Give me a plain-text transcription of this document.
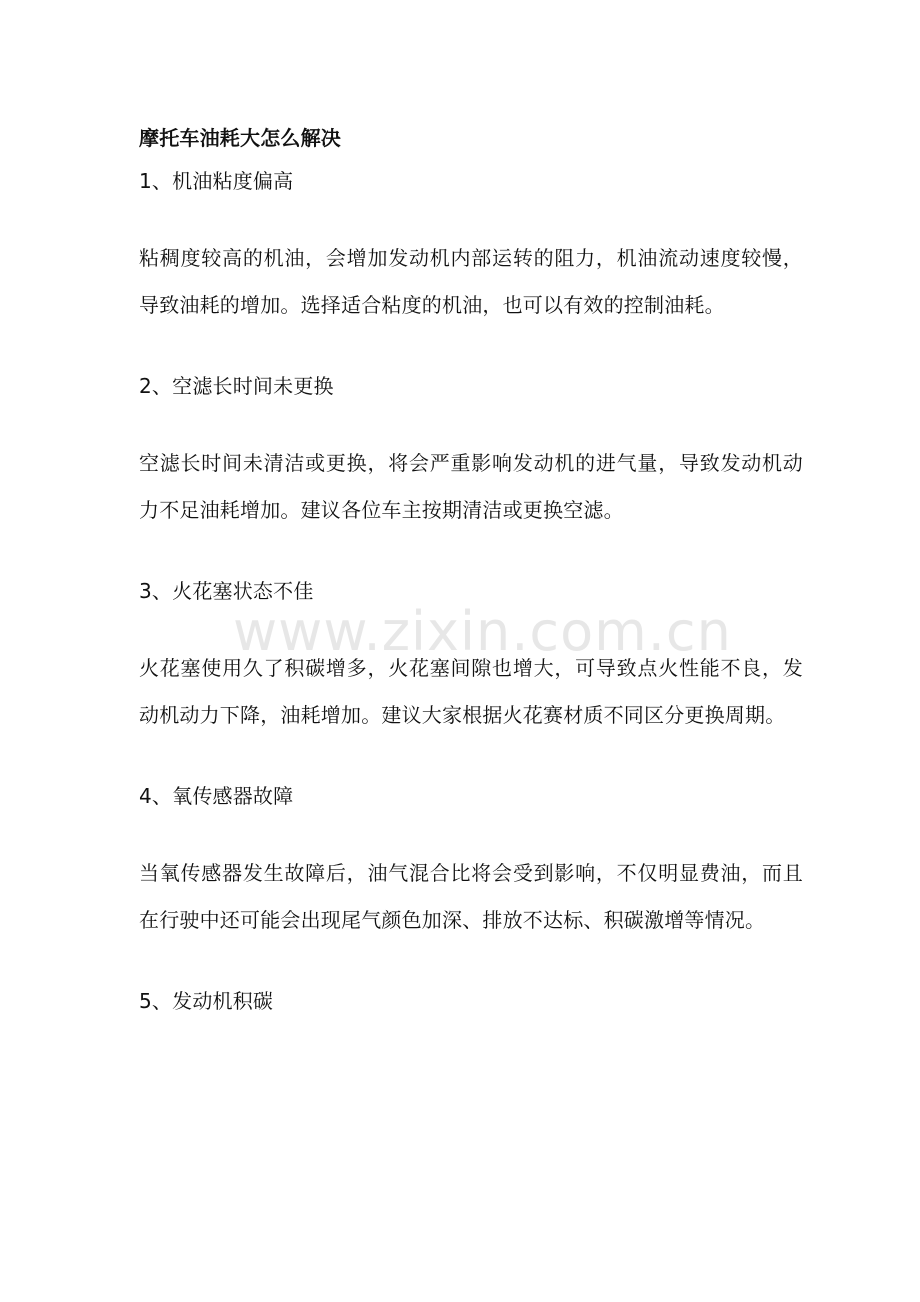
摩托车油耗大怎么解决
1、机油粘度偏高

粘稠度较高的机油，会增加发动机内部运转的阻力，机油流动速度较慢，导致油耗的增加。选择适合粘度的机油，也可以有效的控制油耗。

2、空滤长时间未更换

空滤长时间未清洁或更换，将会严重影响发动机的进气量，导致发动机动力不足油耗增加。建议各位车主按期清洁或更换空滤。

3、火花塞状态不佳

火花塞使用久了积碳增多，火花塞间隙也增大，可导致点火性能不良，发动机动力下降，油耗增加。建议大家根据火花赛材质不同区分更换周期。

4、氧传感器故障

当氧传感器发生故障后，油气混合比将会受到影响，不仅明显费油，而且在行驶中还可能会出现尾气颜色加深、排放不达标、积碳激增等情况。

5、发动机积碳
www.zixin.com.cn
